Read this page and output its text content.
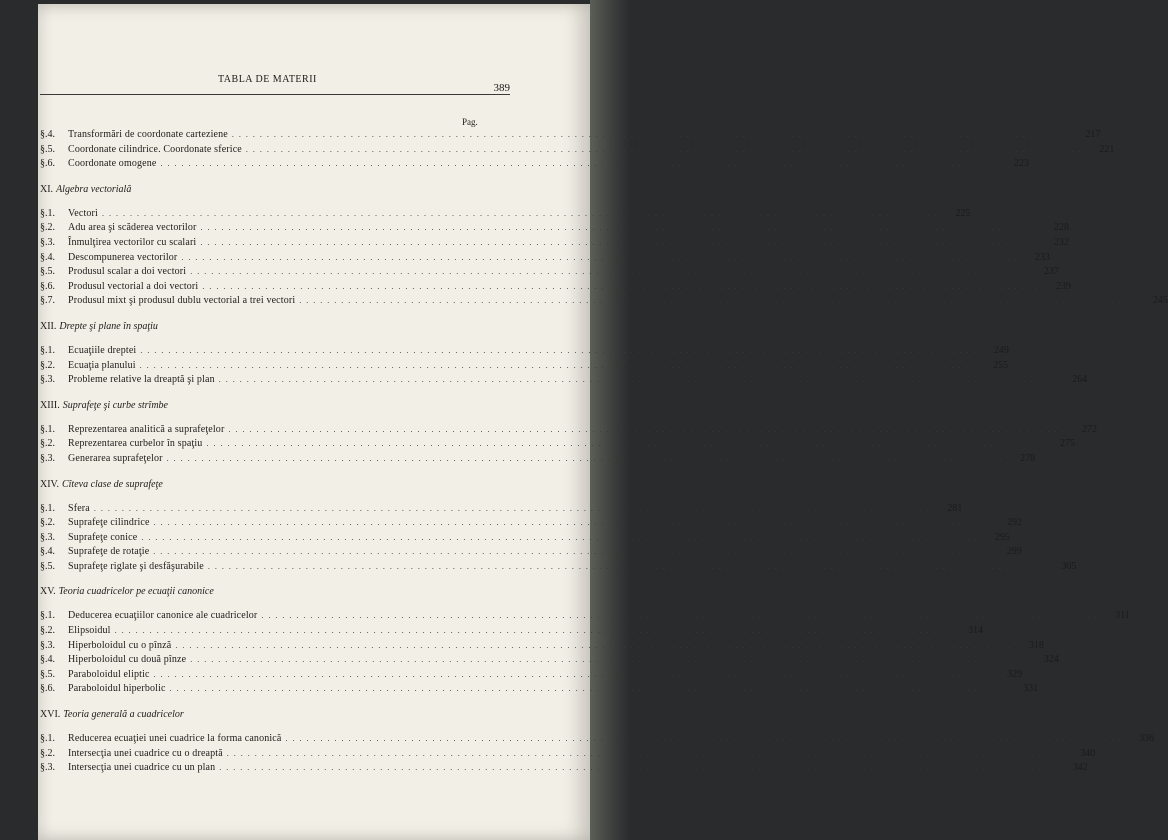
TABLA DE MATERII
389
Pag.
§.4.	Transformări de coordonate carteziene . . . . . . . . . . . . . . . . . . . . . . . . . . . . . . . . . . . . . . . . . . . . . . . . . . . . . . . . . . . . . . . . . . . . . . . . . . . . . . . . . . . . . . . . . . . . . . . . . . . . . . . . . . . . . . . . . . . . . . . .	217
§.5.	Coordonate cilindrice. Coordonate sferice . . . . . . . . . . . . . . . . . . . . . . . . . . . . . . . . . . . . . . . . . . . . . . . . . . . . . . . . . . . . . . . . . . . . . . . . . . . . . . . . . . . . . . . . . . . . . . . . . . . . . . . . . . . . . . . . . . . . . . . .	221
§.6.	Coordonate omogene . . . . . . . . . . . . . . . . . . . . . . . . . . . . . . . . . . . . . . . . . . . . . . . . . . . . . . . . . . . . . . . . . . . . . . . . . . . . . . . . . . . . . . . . . . . . . . . . . . . . . . . . . . . . . . . . . . . . . . . .	223
XI. Algebra vectorială
§.1.	Vectori . . . . . . . . . . . . . . . . . . . . . . . . . . . . . . . . . . . . . . . . . . . . . . . . . . . . . . . . . . . . . . . . . . . . . . . . . . . . . . . . . . . . . . . . . . . . . . . . . . . . . . . . . . . . . . . . . . . . . . . .	225
§.2.	Adu area şi scăderea vectorilor . . . . . . . . . . . . . . . . . . . . . . . . . . . . . . . . . . . . . . . . . . . . . . . . . . . . . . . . . . . . . . . . . . . . . . . . . . . . . . . . . . . . . . . . . . . . . . . . . . . . . . . . . . . . . . . . . . . . . . . .	228
§.3.	Înmulţirea vectorilor cu scalari . . . . . . . . . . . . . . . . . . . . . . . . . . . . . . . . . . . . . . . . . . . . . . . . . . . . . . . . . . . . . . . . . . . . . . . . . . . . . . . . . . . . . . . . . . . . . . . . . . . . . . . . . . . . . . . . . . . . . . . .	232
§.4.	Descompunerea vectorilor . . . . . . . . . . . . . . . . . . . . . . . . . . . . . . . . . . . . . . . . . . . . . . . . . . . . . . . . . . . . . . . . . . . . . . . . . . . . . . . . . . . . . . . . . . . . . . . . . . . . . . . . . . . . . . . . . . . . . . . .	233
§.5.	Produsul scalar a doi vectori . . . . . . . . . . . . . . . . . . . . . . . . . . . . . . . . . . . . . . . . . . . . . . . . . . . . . . . . . . . . . . . . . . . . . . . . . . . . . . . . . . . . . . . . . . . . . . . . . . . . . . . . . . . . . . . . . . . . . . . .	237
§.6.	Produsul vectorial a doi vectori . . . . . . . . . . . . . . . . . . . . . . . . . . . . . . . . . . . . . . . . . . . . . . . . . . . . . . . . . . . . . . . . . . . . . . . . . . . . . . . . . . . . . . . . . . . . . . . . . . . . . . . . . . . . . . . . . . . . . . . .	239
§.7.	Produsul mixt şi produsul dublu vectorial a trei vectori . . . . . . . . . . . . . . . . . . . . . . . . . . . . . . . . . . . . . . . . . . . . . . . . . . . . . . . . . . . . . . . . . . . . . . . . . . . . . . . . . . . . . . . . . . . . . . . . . . . . . . . . . . . . . . . . . . . . . . . .	245
XII. Drepte şi plane în spaţiu
§.1.	Ecuaţiile dreptei . . . . . . . . . . . . . . . . . . . . . . . . . . . . . . . . . . . . . . . . . . . . . . . . . . . . . . . . . . . . . . . . . . . . . . . . . . . . . . . . . . . . . . . . . . . . . . . . . . . . . . . . . . . . . . . . . . . . . . . .	249
§.2.	Ecuaţia planului . . . . . . . . . . . . . . . . . . . . . . . . . . . . . . . . . . . . . . . . . . . . . . . . . . . . . . . . . . . . . . . . . . . . . . . . . . . . . . . . . . . . . . . . . . . . . . . . . . . . . . . . . . . . . . . . . . . . . . . .	255
§.3.	Probleme relative la dreaptă şi plan . . . . . . . . . . . . . . . . . . . . . . . . . . . . . . . . . . . . . . . . . . . . . . . . . . . . . . . . . . . . . . . . . . . . . . . . . . . . . . . . . . . . . . . . . . . . . . . . . . . . . . . . . . . . . . . . . . . . . . . .	264
XIII. Suprafeţe şi curbe strîmbe
§.1.	Reprezentarea analitică a suprafeţelor . . . . . . . . . . . . . . . . . . . . . . . . . . . . . . . . . . . . . . . . . . . . . . . . . . . . . . . . . . . . . . . . . . . . . . . . . . . . . . . . . . . . . . . . . . . . . . . . . . . . . . . . . . . . . . . . . . . . . . . .	272
§.2.	Reprezentarea curbelor în spaţiu . . . . . . . . . . . . . . . . . . . . . . . . . . . . . . . . . . . . . . . . . . . . . . . . . . . . . . . . . . . . . . . . . . . . . . . . . . . . . . . . . . . . . . . . . . . . . . . . . . . . . . . . . . . . . . . . . . . . . . . .	275
§.3.	Generarea suprafeţelor . . . . . . . . . . . . . . . . . . . . . . . . . . . . . . . . . . . . . . . . . . . . . . . . . . . . . . . . . . . . . . . . . . . . . . . . . . . . . . . . . . . . . . . . . . . . . . . . . . . . . . . . . . . . . . . . . . . . . . . .	278
XIV. Cîteva clase de suprafeţe
§.1.	Sfera . . . . . . . . . . . . . . . . . . . . . . . . . . . . . . . . . . . . . . . . . . . . . . . . . . . . . . . . . . . . . . . . . . . . . . . . . . . . . . . . . . . . . . . . . . . . . . . . . . . . . . . . . . . . . . . . . . . . . . . .	281
§.2.	Suprafeţe cilindrice . . . . . . . . . . . . . . . . . . . . . . . . . . . . . . . . . . . . . . . . . . . . . . . . . . . . . . . . . . . . . . . . . . . . . . . . . . . . . . . . . . . . . . . . . . . . . . . . . . . . . . . . . . . . . . . . . . . . . . . .	292
§.3.	Suprafeţe conice . . . . . . . . . . . . . . . . . . . . . . . . . . . . . . . . . . . . . . . . . . . . . . . . . . . . . . . . . . . . . . . . . . . . . . . . . . . . . . . . . . . . . . . . . . . . . . . . . . . . . . . . . . . . . . . . . . . . . . . .	295
§.4.	Suprafeţe de rotaţie . . . . . . . . . . . . . . . . . . . . . . . . . . . . . . . . . . . . . . . . . . . . . . . . . . . . . . . . . . . . . . . . . . . . . . . . . . . . . . . . . . . . . . . . . . . . . . . . . . . . . . . . . . . . . . . . . . . . . . . .	299
§.5.	Suprafeţe riglate şi desfăşurabile . . . . . . . . . . . . . . . . . . . . . . . . . . . . . . . . . . . . . . . . . . . . . . . . . . . . . . . . . . . . . . . . . . . . . . . . . . . . . . . . . . . . . . . . . . . . . . . . . . . . . . . . . . . . . . . . . . . . . . . .	305
XV. Teoria cuadricelor pe ecuaţii canonice
§.1.	Deducerea ecuaţiilor canonice ale cuadricelor . . . . . . . . . . . . . . . . . . . . . . . . . . . . . . . . . . . . . . . . . . . . . . . . . . . . . . . . . . . . . . . . . . . . . . . . . . . . . . . . . . . . . . . . . . . . . . . . . . . . . . . . . . . . . . . . . . . . . . . .	311
§.2.	Elipsoidul . . . . . . . . . . . . . . . . . . . . . . . . . . . . . . . . . . . . . . . . . . . . . . . . . . . . . . . . . . . . . . . . . . . . . . . . . . . . . . . . . . . . . . . . . . . . . . . . . . . . . . . . . . . . . . . . . . . . . . . .	314
§.3.	Hiperboloidul cu o pînză . . . . . . . . . . . . . . . . . . . . . . . . . . . . . . . . . . . . . . . . . . . . . . . . . . . . . . . . . . . . . . . . . . . . . . . . . . . . . . . . . . . . . . . . . . . . . . . . . . . . . . . . . . . . . . . . . . . . . . . .	318
§.4.	Hiperboloidul cu două pînze . . . . . . . . . . . . . . . . . . . . . . . . . . . . . . . . . . . . . . . . . . . . . . . . . . . . . . . . . . . . . . . . . . . . . . . . . . . . . . . . . . . . . . . . . . . . . . . . . . . . . . . . . . . . . . . . . . . . . . . .	324
§.5.	Paraboloidul eliptic . . . . . . . . . . . . . . . . . . . . . . . . . . . . . . . . . . . . . . . . . . . . . . . . . . . . . . . . . . . . . . . . . . . . . . . . . . . . . . . . . . . . . . . . . . . . . . . . . . . . . . . . . . . . . . . . . . . . . . . .	329
§.6.	Paraboloidul hiperbolic . . . . . . . . . . . . . . . . . . . . . . . . . . . . . . . . . . . . . . . . . . . . . . . . . . . . . . . . . . . . . . . . . . . . . . . . . . . . . . . . . . . . . . . . . . . . . . . . . . . . . . . . . . . . . . . . . . . . . . . .	331
XVI. Teoria generală a cuadricelor
§.1.	Reducerea ecuaţiei unei cuadrice la forma canonică . . . . . . . . . . . . . . . . . . . . . . . . . . . . . . . . . . . . . . . . . . . . . . . . . . . . . . . . . . . . . . . . . . . . . . . . . . . . . . . . . . . . . . . . . . . . . . . . . . . . . . . . . . . . . . . . . . . . . . . .	336
§.2.	Intersecţia unei cuadrice cu o dreaptă . . . . . . . . . . . . . . . . . . . . . . . . . . . . . . . . . . . . . . . . . . . . . . . . . . . . . . . . . . . . . . . . . . . . . . . . . . . . . . . . . . . . . . . . . . . . . . . . . . . . . . . . . . . . . . . . . . . . . . . .	340
§.3.	Intersecţia unei cuadrice cu un plan . . . . . . . . . . . . . . . . . . . . . . . . . . . . . . . . . . . . . . . . . . . . . . . . . . . . . . . . . . . . . . . . . . . . . . . . . . . . . . . . . . . . . . . . . . . . . . . . . . . . . . . . . . . . . . . . . . . . . . . .	342
